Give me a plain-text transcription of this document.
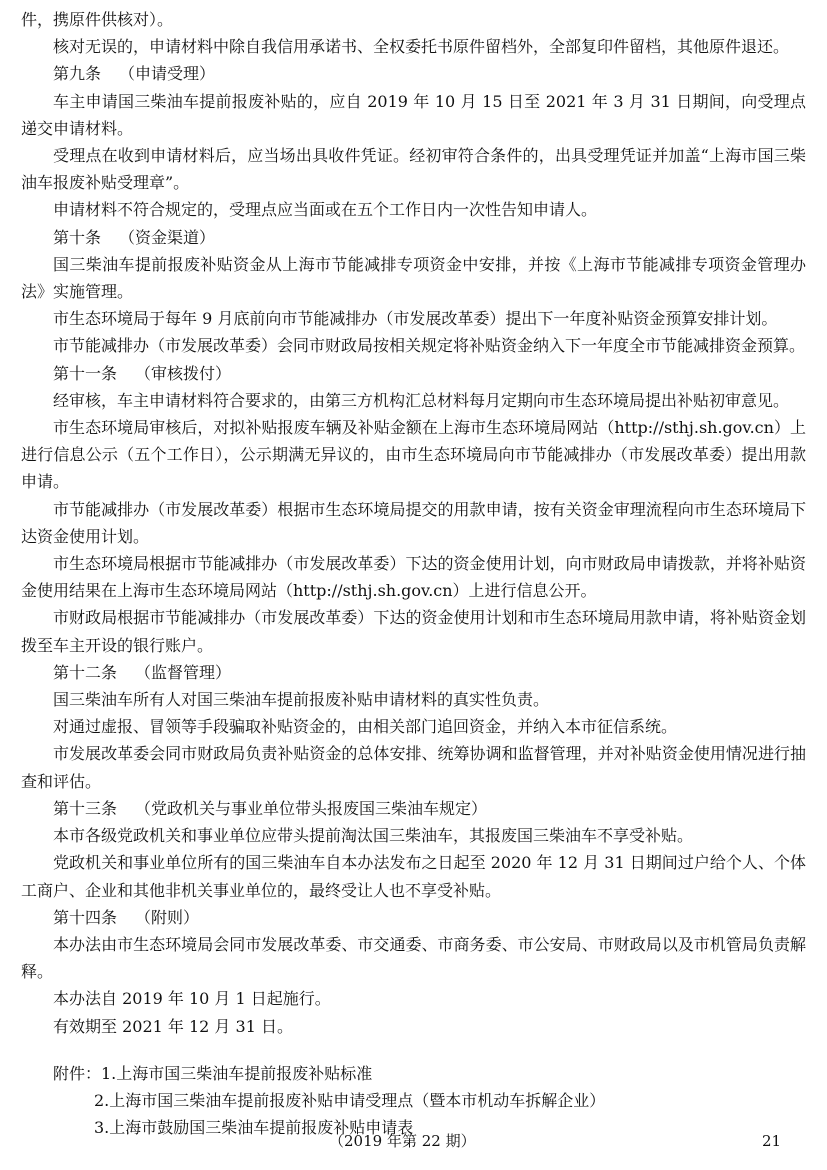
件，携原件供核对）。

核对无误的，申请材料中除自我信用承诺书、全权委托书原件留档外，全部复印件留档，其他原件退还。

第九条 （申请受理）

车主申请国三柴油车提前报废补贴的，应自 2019 年 10 月 15 日至 2021 年 3 月 31 日期间，向受理点递交申请材料。

受理点在收到申请材料后，应当场出具收件凭证。经初审符合条件的，出具受理凭证并加盖“上海市国三柴油车报废补贴受理章”。

申请材料不符合规定的，受理点应当面或在五个工作日内一次性告知申请人。

第十条 （资金渠道）

国三柴油车提前报废补贴资金从上海市节能减排专项资金中安排，并按《上海市节能减排专项资金管理办法》实施管理。

市生态环境局于每年 9 月底前向市节能减排办（市发展改革委）提出下一年度补贴资金预算安排计划。

市节能减排办（市发展改革委）会同市财政局按相关规定将补贴资金纳入下一年度全市节能减排资金预算。

第十一条 （审核拨付）

经审核，车主申请材料符合要求的，由第三方机构汇总材料每月定期向市生态环境局提出补贴初审意见。

市生态环境局审核后，对拟补贴报废车辆及补贴金额在上海市生态环境局网站（http://sthj.sh.gov.cn）上进行信息公示（五个工作日），公示期满无异议的，由市生态环境局向市节能减排办（市发展改革委）提出用款申请。

市节能减排办（市发展改革委）根据市生态环境局提交的用款申请，按有关资金审理流程向市生态环境局下达资金使用计划。

市生态环境局根据市节能减排办（市发展改革委）下达的资金使用计划，向市财政局申请拨款，并将补贴资金使用结果在上海市生态环境局网站（http://sthj.sh.gov.cn）上进行信息公开。

市财政局根据市节能减排办（市发展改革委）下达的资金使用计划和市生态环境局用款申请，将补贴资金划拨至车主开设的银行账户。

第十二条 （监督管理）

国三柴油车所有人对国三柴油车提前报废补贴申请材料的真实性负责。

对通过虚报、冒领等手段骗取补贴资金的，由相关部门追回资金，并纳入本市征信系统。

市发展改革委会同市财政局负责补贴资金的总体安排、统筹协调和监督管理，并对补贴资金使用情况进行抽查和评估。

第十三条 （党政机关与事业单位带头报废国三柴油车规定）

本市各级党政机关和事业单位应带头提前淘汰国三柴油车，其报废国三柴油车不享受补贴。

党政机关和事业单位所有的国三柴油车自本办法发布之日起至 2020 年 12 月 31 日期间过户给个人、个体工商户、企业和其他非机关事业单位的，最终受让人也不享受补贴。

第十四条 （附则）

本办法由市生态环境局会同市发展改革委、市交通委、市商务委、市公安局、市财政局以及市机管局负责解释。

本办法自 2019 年 10 月 1 日起施行。

有效期至 2021 年 12 月 31 日。

附件：1.上海市国三柴油车提前报废补贴标准

2.上海市国三柴油车提前报废补贴申请受理点（暨本市机动车拆解企业）

3.上海市鼓励国三柴油车提前报废补贴申请表

（2019 年第 22 期）	21
